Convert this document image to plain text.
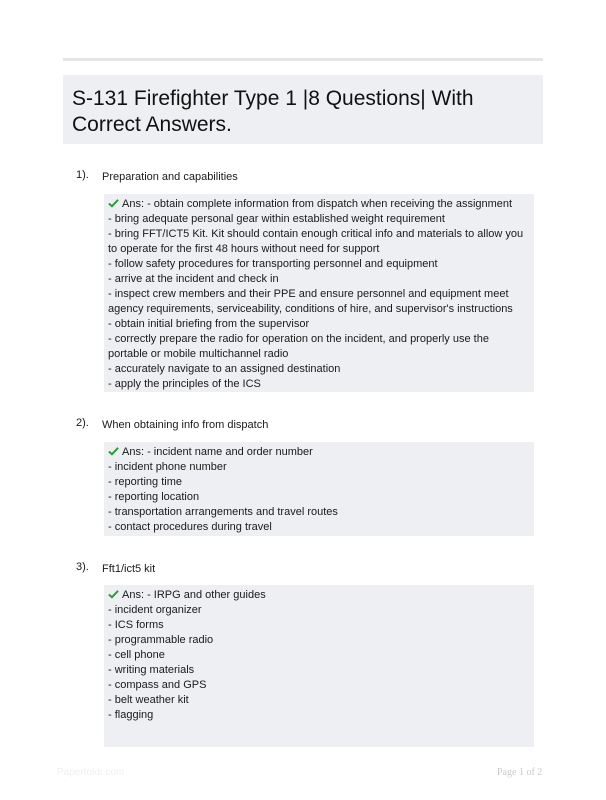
S-131 Firefighter Type 1 |8 Questions| With Correct Answers.
1). Preparation and capabilities

Ans: - obtain complete information from dispatch when receiving the assignment

- bring adequate personal gear within established weight requirement

- bring FFT/ICT5 Kit. Kit should contain enough critical info and materials to allow you to operate for the first 48 hours without need for support

- follow safety procedures for transporting personnel and equipment

- arrive at the incident and check in

- inspect crew members and their PPE and ensure personnel and equipment meet agency requirements, serviceability, conditions of hire, and supervisor's instructions

- obtain initial briefing from the supervisor

- correctly prepare the radio for operation on the incident, and properly use the portable or mobile multichannel radio

- accurately navigate to an assigned destination

- apply the principles of the ICS

2). When obtaining info from dispatch

Ans: - incident name and order number

- incident phone number

- reporting time

- reporting location

- transportation arrangements and travel routes

- contact procedures during travel

3). Fft1/ict5 kit

Ans: - IRPG and other guides

- incident organizer

- ICS forms

- programmable radio

- cell phone

- writing materials

- compass and GPS

- belt weather kit

- flagging

Paperfoldr.com	Page 1 of 2
